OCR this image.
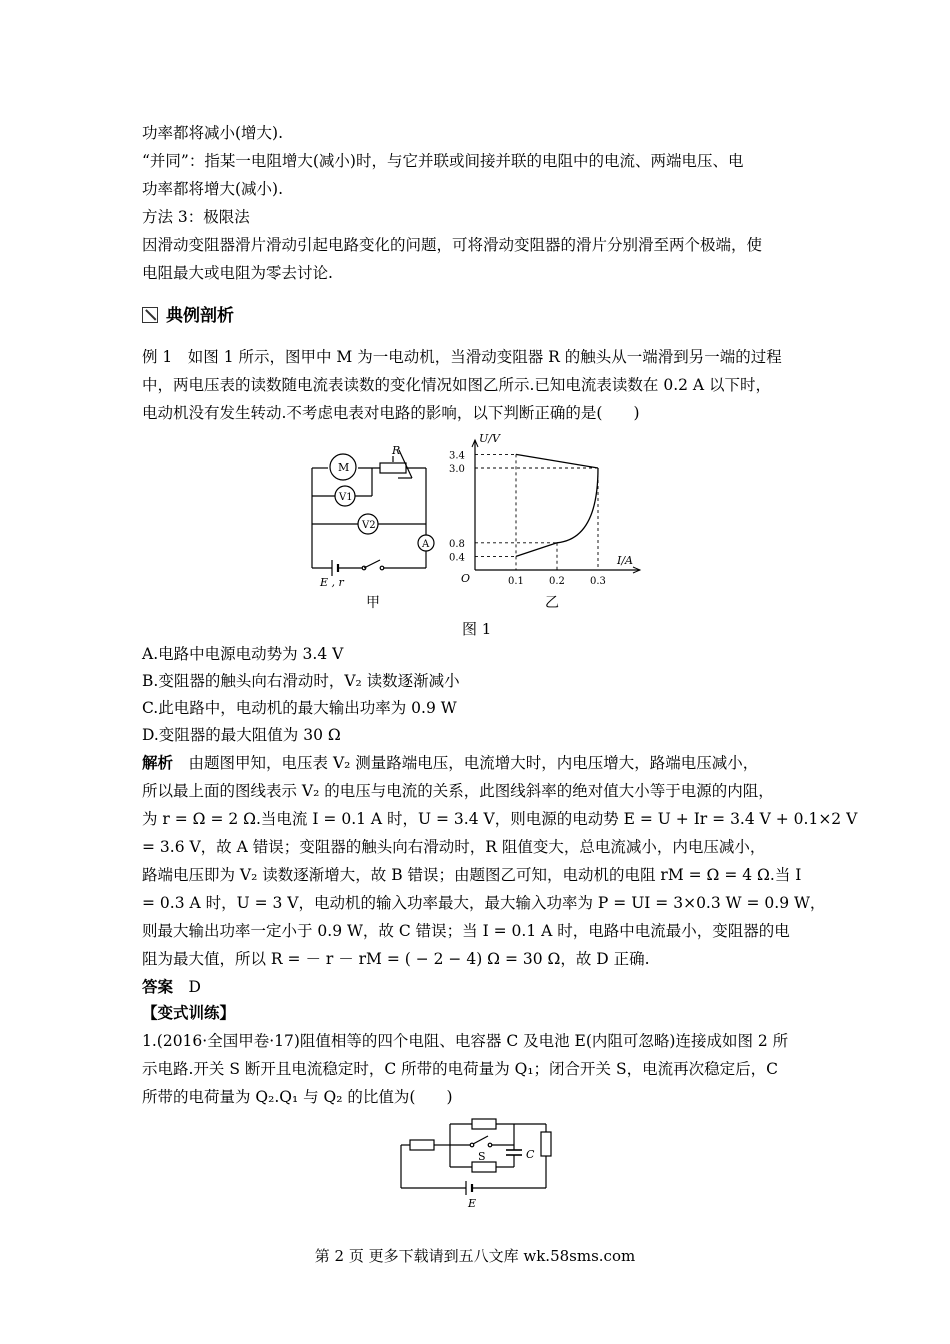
功率都将减小(增大).
“并同”：指某一电阻增大(减小)时，与它并联或间接并联的电阻中的电流、两端电压、电
功率都将增大(减小).
方法 3：极限法
因滑动变阻器滑片滑动引起电路变化的问题，可将滑动变阻器的滑片分别滑至两个极端，使
电阻最大或电阻为零去讨论.
典例剖析
例 1　如图 1 所示，图甲中 M 为一电动机，当滑动变阻器 R 的触头从一端滑到另一端的过程
中，两电压表的读数随电流表读数的变化情况如图乙所示.已知电流表读数在 0.2 A 以下时，
电动机没有发生转动.不考虑电表对电路的影响，以下判断正确的是(　　)
M
R
V1
V2
A
E , r
甲
U/V
I/A
O	0.1	0.2	0.3
3.4
3.0
0.8
0.4
乙
图 1
A.电路中电源电动势为 3.4 V
B.变阻器的触头向右滑动时，V₂ 读数逐渐减小
C.此电路中，电动机的最大输出功率为 0.9 W
D.变阻器的最大阻值为 30 Ω
解析　由题图甲知，电压表 V₂ 测量路端电压，电流增大时，内电压增大，路端电压减小，
所以最上面的图线表示 V₂ 的电压与电流的关系，此图线斜率的绝对值大小等于电源的内阻，
为 r = Ω = 2 Ω.当电流 I = 0.1 A 时，U = 3.4 V，则电源的电动势 E = U + Ir = 3.4 V + 0.1×2 V
= 3.6 V，故 A 错误；变阻器的触头向右滑动时，R 阻值变大，总电流减小，内电压减小，
路端电压即为 V₂ 读数逐渐增大，故 B 错误；由题图乙可知，电动机的电阻 rM = Ω = 4 Ω.当 I
= 0.3 A 时，U = 3 V，电动机的输入功率最大，最大输入功率为 P = UI = 3×0.3 W = 0.9 W，
则最大输出功率一定小于 0.9 W，故 C 错误；当 I = 0.1 A 时，电路中电流最小，变阻器的电
阻为最大值，所以 R = － r － rM = ( − 2 − 4) Ω = 30 Ω，故 D 正确.
答案　 D
【变式训练】
1.(2016·全国甲卷·17)阻值相等的四个电阻、电容器 C 及电池 E(内阻可忽略)连接成如图 2 所
示电路.开关 S 断开且电流稳定时，C 所带的电荷量为 Q₁；闭合开关 S，电流再次稳定后，C
所带的电荷量为 Q₂.Q₁ 与 Q₂ 的比值为(　　)
S	C
E
第 2 页 更多下载请到五八文库 wk.58sms.com
